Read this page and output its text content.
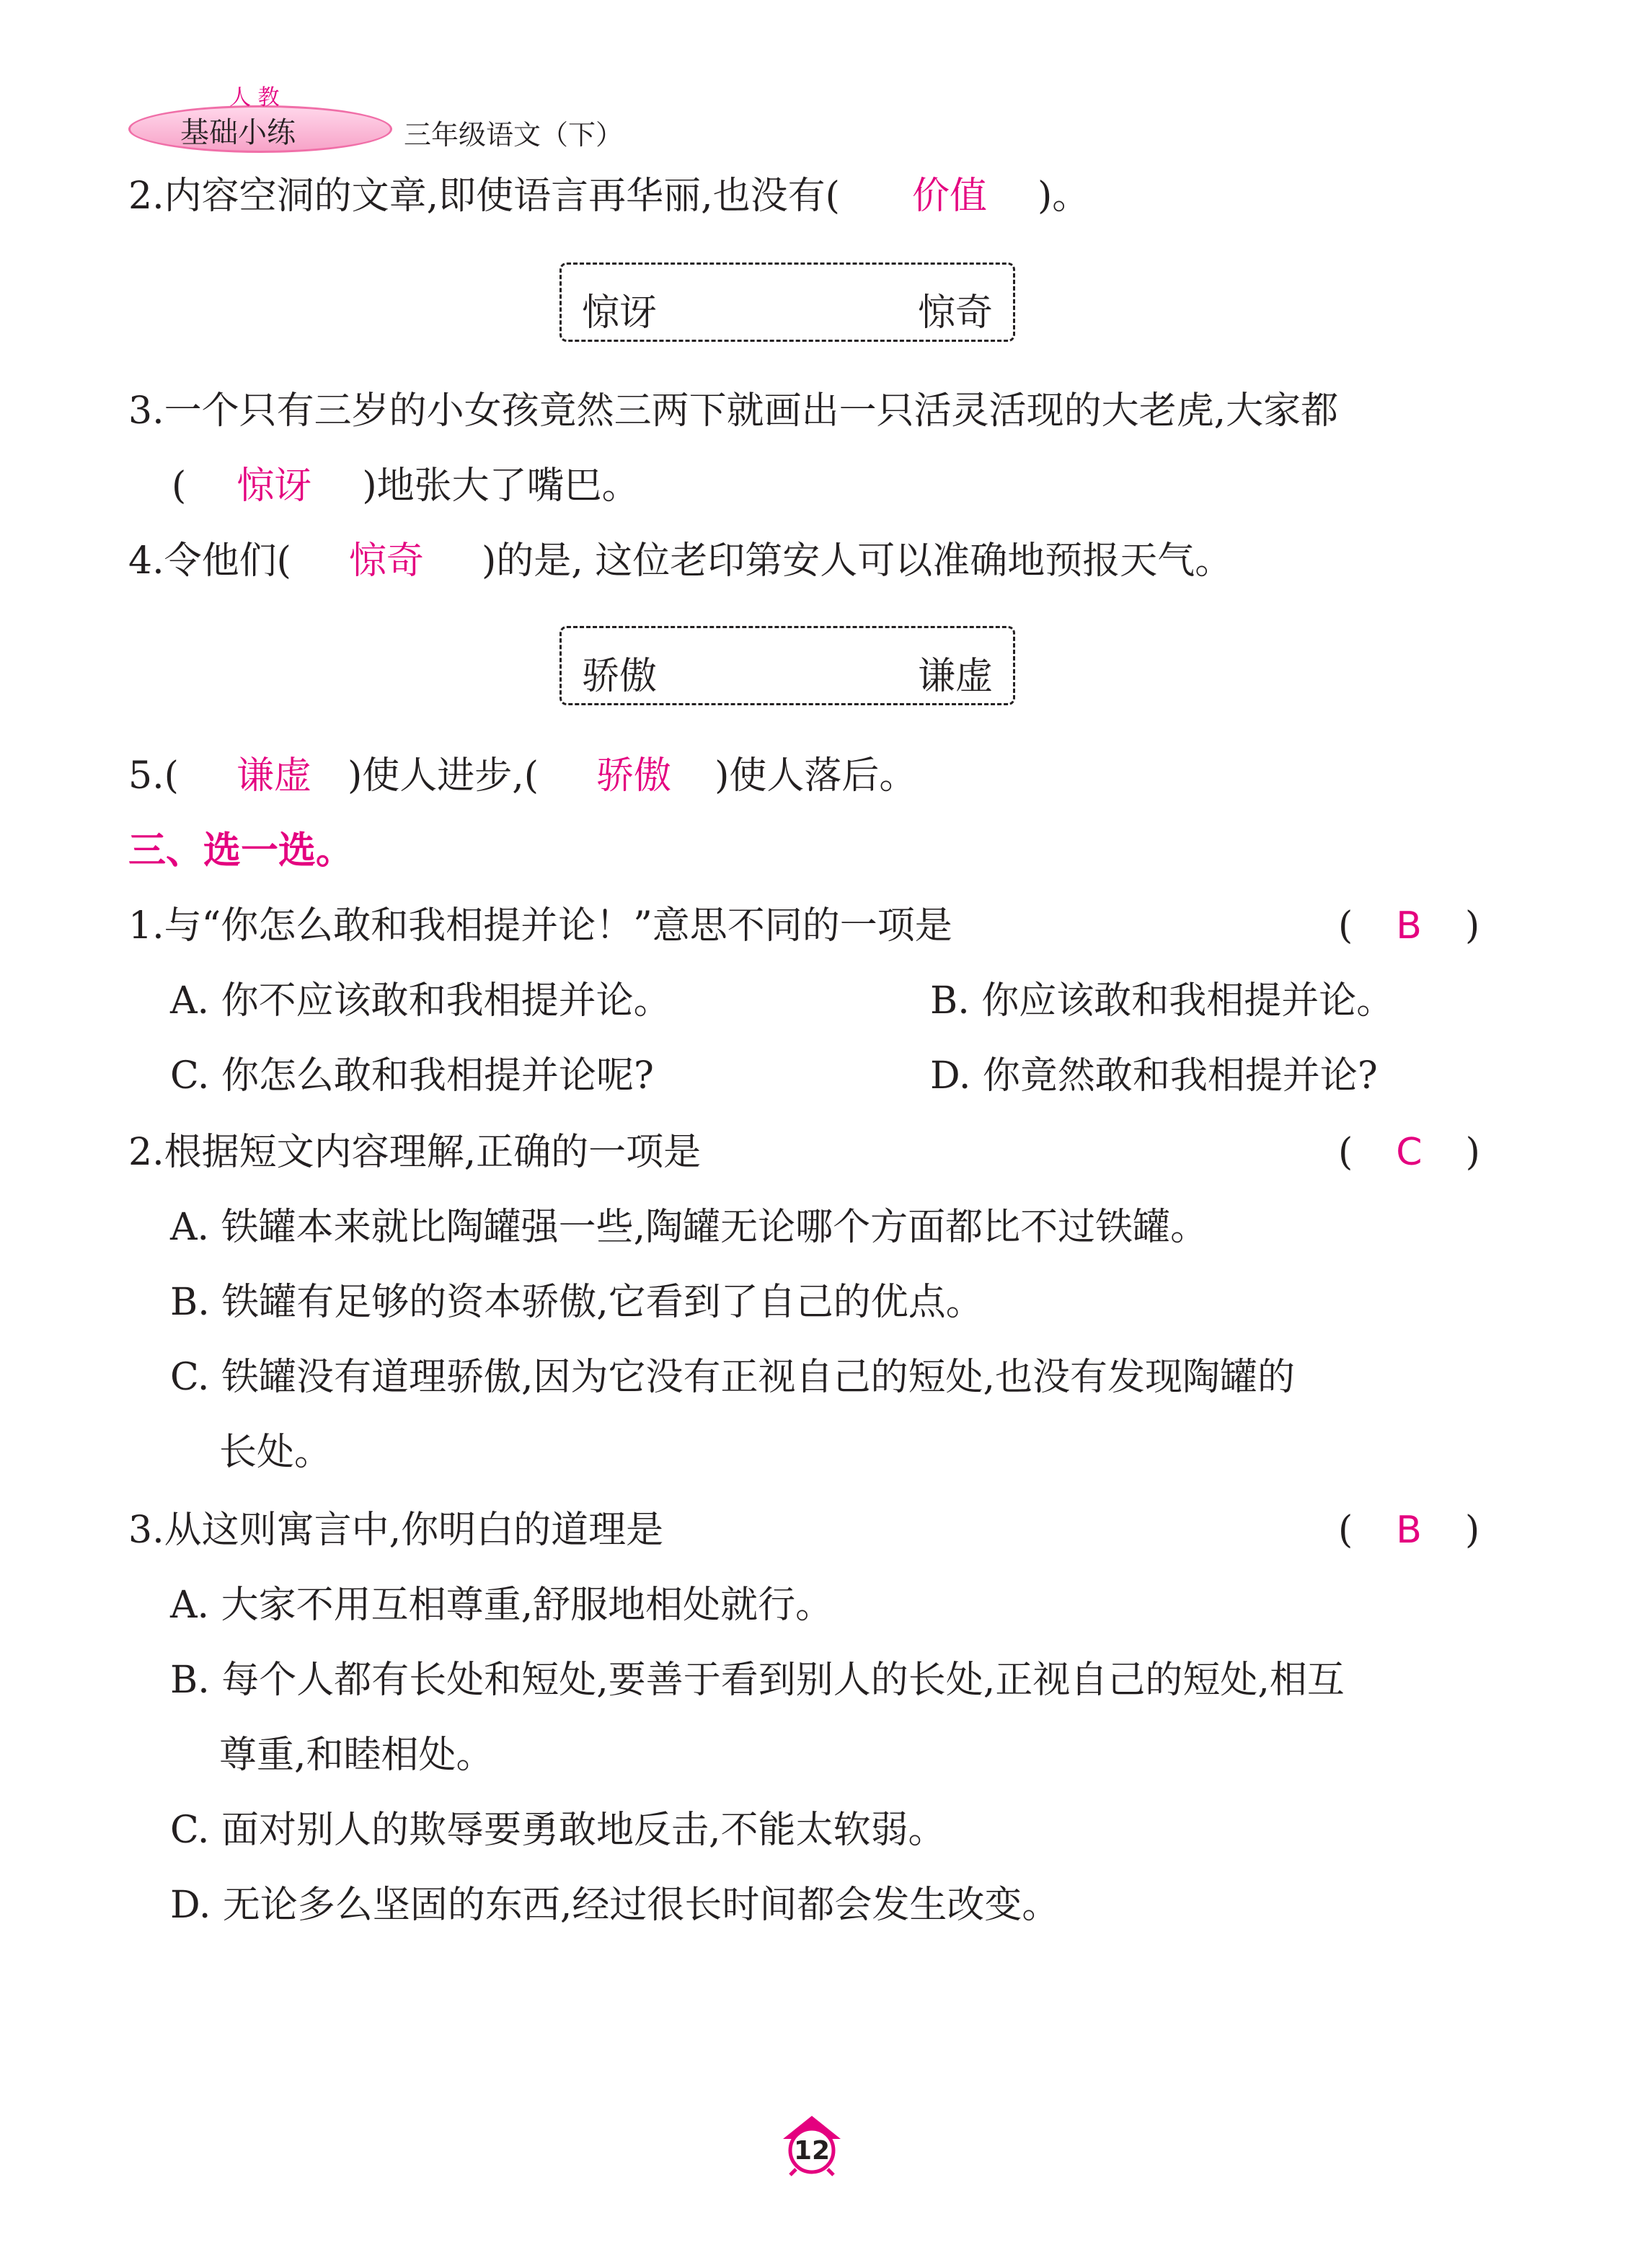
人 教
基础小练	三年级语文（下）
2.内容空洞的文章,即使语言再华丽,也没有( 价值 )。
惊讶	惊奇
3.一个只有三岁的小女孩竟然三两下就画出一只活灵活现的大老虎,大家都
( 惊讶 )地张大了嘴巴。
4.令他们( 惊奇 )的是, 这位老印第安人可以准确地预报天气。
骄傲	谦虚
5.( 谦虚 )使人进步,( 骄傲 )使人落后。
三、选一选。
1.与“你怎么敢和我相提并论！”意思不同的一项是	( B )
A. 你不应该敢和我相提并论。	B. 你应该敢和我相提并论。
C. 你怎么敢和我相提并论呢?	D. 你竟然敢和我相提并论?
2.根据短文内容理解,正确的一项是	( C )
A. 铁罐本来就比陶罐强一些,陶罐无论哪个方面都比不过铁罐。
B. 铁罐有足够的资本骄傲,它看到了自己的优点。
C. 铁罐没有道理骄傲,因为它没有正视自己的短处,也没有发现陶罐的
长处。
3.从这则寓言中,你明白的道理是	( B )
A. 大家不用互相尊重,舒服地相处就行。
B. 每个人都有长处和短处,要善于看到别人的长处,正视自己的短处,相互
尊重,和睦相处。
C. 面对别人的欺辱要勇敢地反击,不能太软弱。
D. 无论多么坚固的东西,经过很长时间都会发生改变。
12
